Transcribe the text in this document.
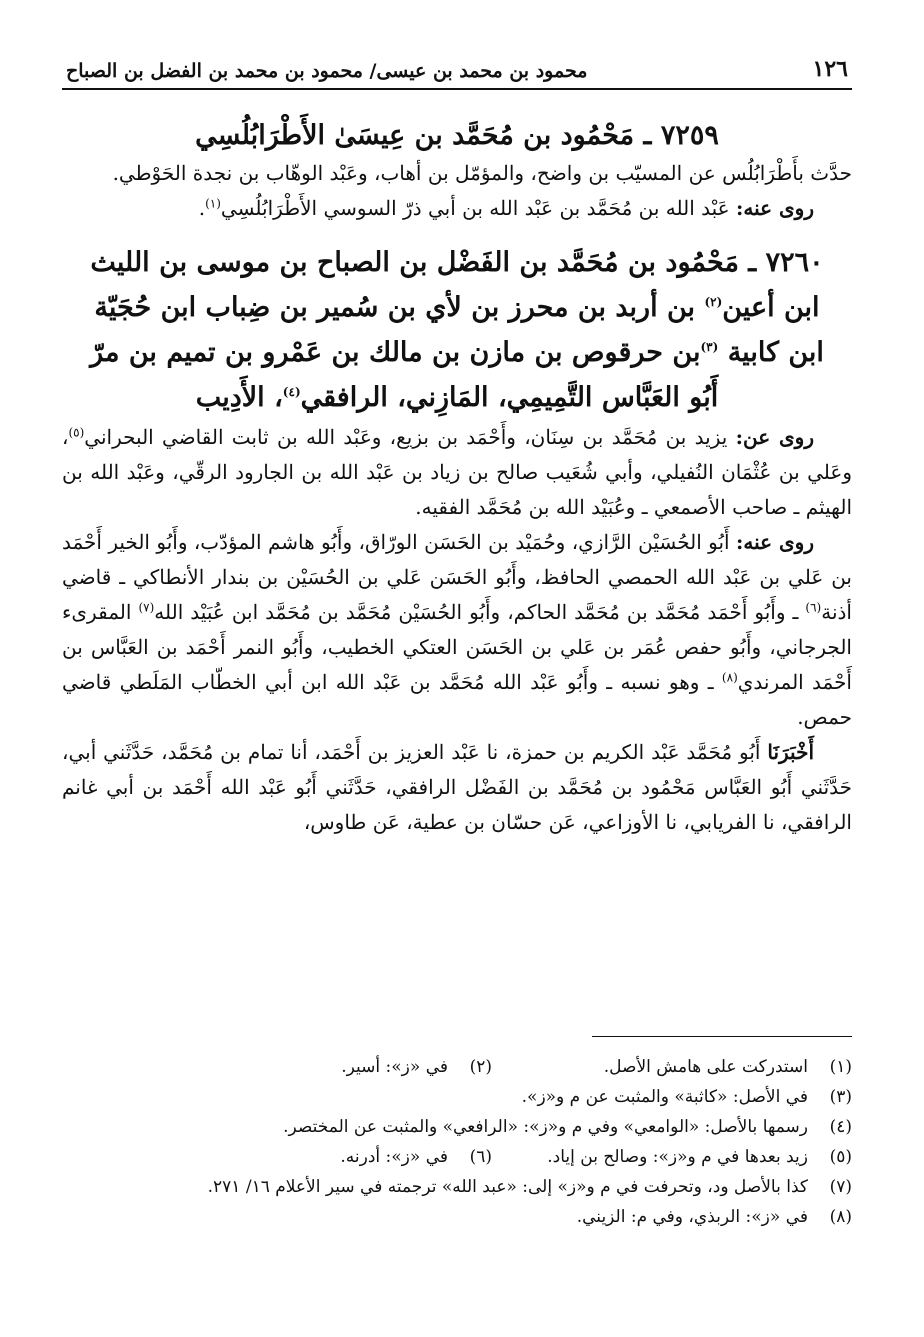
١٢٦
محمود بن محمد بن عيسى/ محمود بن محمد بن الفضل بن الصباح
٧٢٥٩ ـ مَحْمُود بن مُحَمَّد بن عِيسَىٰ الأَطْرَابُلُسِي

حدَّث بأَطْرَابُلُس عن المسيّب بن واضح، والمؤمّل بن أهاب، وعَبْد الوهّاب بن نجدة الحَوْطي.

روى عنه: عَبْد الله بن مُحَمَّد بن عَبْد الله بن أبي ذرّ السوسي الأَطْرَابُلُسِي$^{(١)}$.

٧٢٦٠ ـ مَحْمُود بن مُحَمَّد بن الفَضْل بن الصباح بن موسى بن الليث
ابن أعين$^{(٢)}$ بن أربد بن محرز بن لأي بن سُمير بن ضِباب ابن حُجَيّة
ابن كابية $^{(٣)}$بن حرقوص بن مازن بن مالك بن عَمْرو بن تميم بن مرّ
أَبُو العَبَّاس التَّمِيمِي، المَازِني، الرافقي$^{(٤)}$، الأَدِيب

روى عن: يزيد بن مُحَمَّد بن سِنَان، وأَحْمَد بن بزيع، وعَبْد الله بن ثابت القاضي البحراني$^{(٥)}$، وعَلي بن عُثْمَان النُفيلي، وأبي شُعَيب صالح بن زياد بن عَبْد الله بن الجارود الرقّي، وعَبْد الله بن الهيثم ـ صاحب الأصمعي ـ وعُبَيْد الله بن مُحَمَّد الفقيه.

روى عنه: أَبُو الحُسَيْن الرَّازي، وحُمَيْد بن الحَسَن الورّاق، وأَبُو هاشم المؤدّب، وأَبُو الخير أَحْمَد بن عَلي بن عَبْد الله الحمصي الحافظ، وأَبُو الحَسَن عَلي بن الحُسَيْن بن بندار الأنطاكي ـ قاضي أذنة$^{(٦)}$ ـ وأَبُو أَحْمَد مُحَمَّد بن مُحَمَّد الحاكم، وأَبُو الحُسَيْن مُحَمَّد بن مُحَمَّد ابن عُبَيْد الله$^{(٧)}$ المقرىء الجرجاني، وأَبُو حفص عُمَر بن عَلي بن الحَسَن العتكي الخطيب، وأَبُو النمر أَحْمَد بن العَبَّاس بن أَحْمَد المرندي$^{(٨)}$ ـ وهو نسبه ـ وأَبُو عَبْد الله مُحَمَّد بن عَبْد الله ابن أبي الخطّاب المَلَطي قاضي حمص.

أَخْبَرَنَا أَبُو مُحَمَّد عَبْد الكريم بن حمزة، نا عَبْد العزيز بن أَحْمَد، أنا تمام بن مُحَمَّد، حَدَّثَني أبي، حَدَّثَني أَبُو العَبَّاس مَحْمُود بن مُحَمَّد بن الفَضْل الرافقي، حَدَّثَني أَبُو عَبْد الله أَحْمَد بن أبي غانم الرافقي، نا الفريابي، نا الأوزاعي، عَن حسّان بن عطية، عَن طاوس،

(١)
استدركت على هامش الأصل.
(٢)
في «ز»: أسير.
(٣)
في الأصل: «كاثبة» والمثبت عن م و«ز».
(٤)
رسمها بالأصل: «الوامعي» وفي م و«ز»: «الرافعي» والمثبت عن المختصر.
(٥)
زيد بعدها في م و«ز»: وصالح بن إياد.
(٦)
في «ز»: أدرنه.
(٧)
كذا بالأصل ود، وتحرفت في م و«ز» إلى: «عبد الله» ترجمته في سير الأعلام ١٦/ ٢٧١.
(٨)
في «ز»: الربذي، وفي م: الزيني.
